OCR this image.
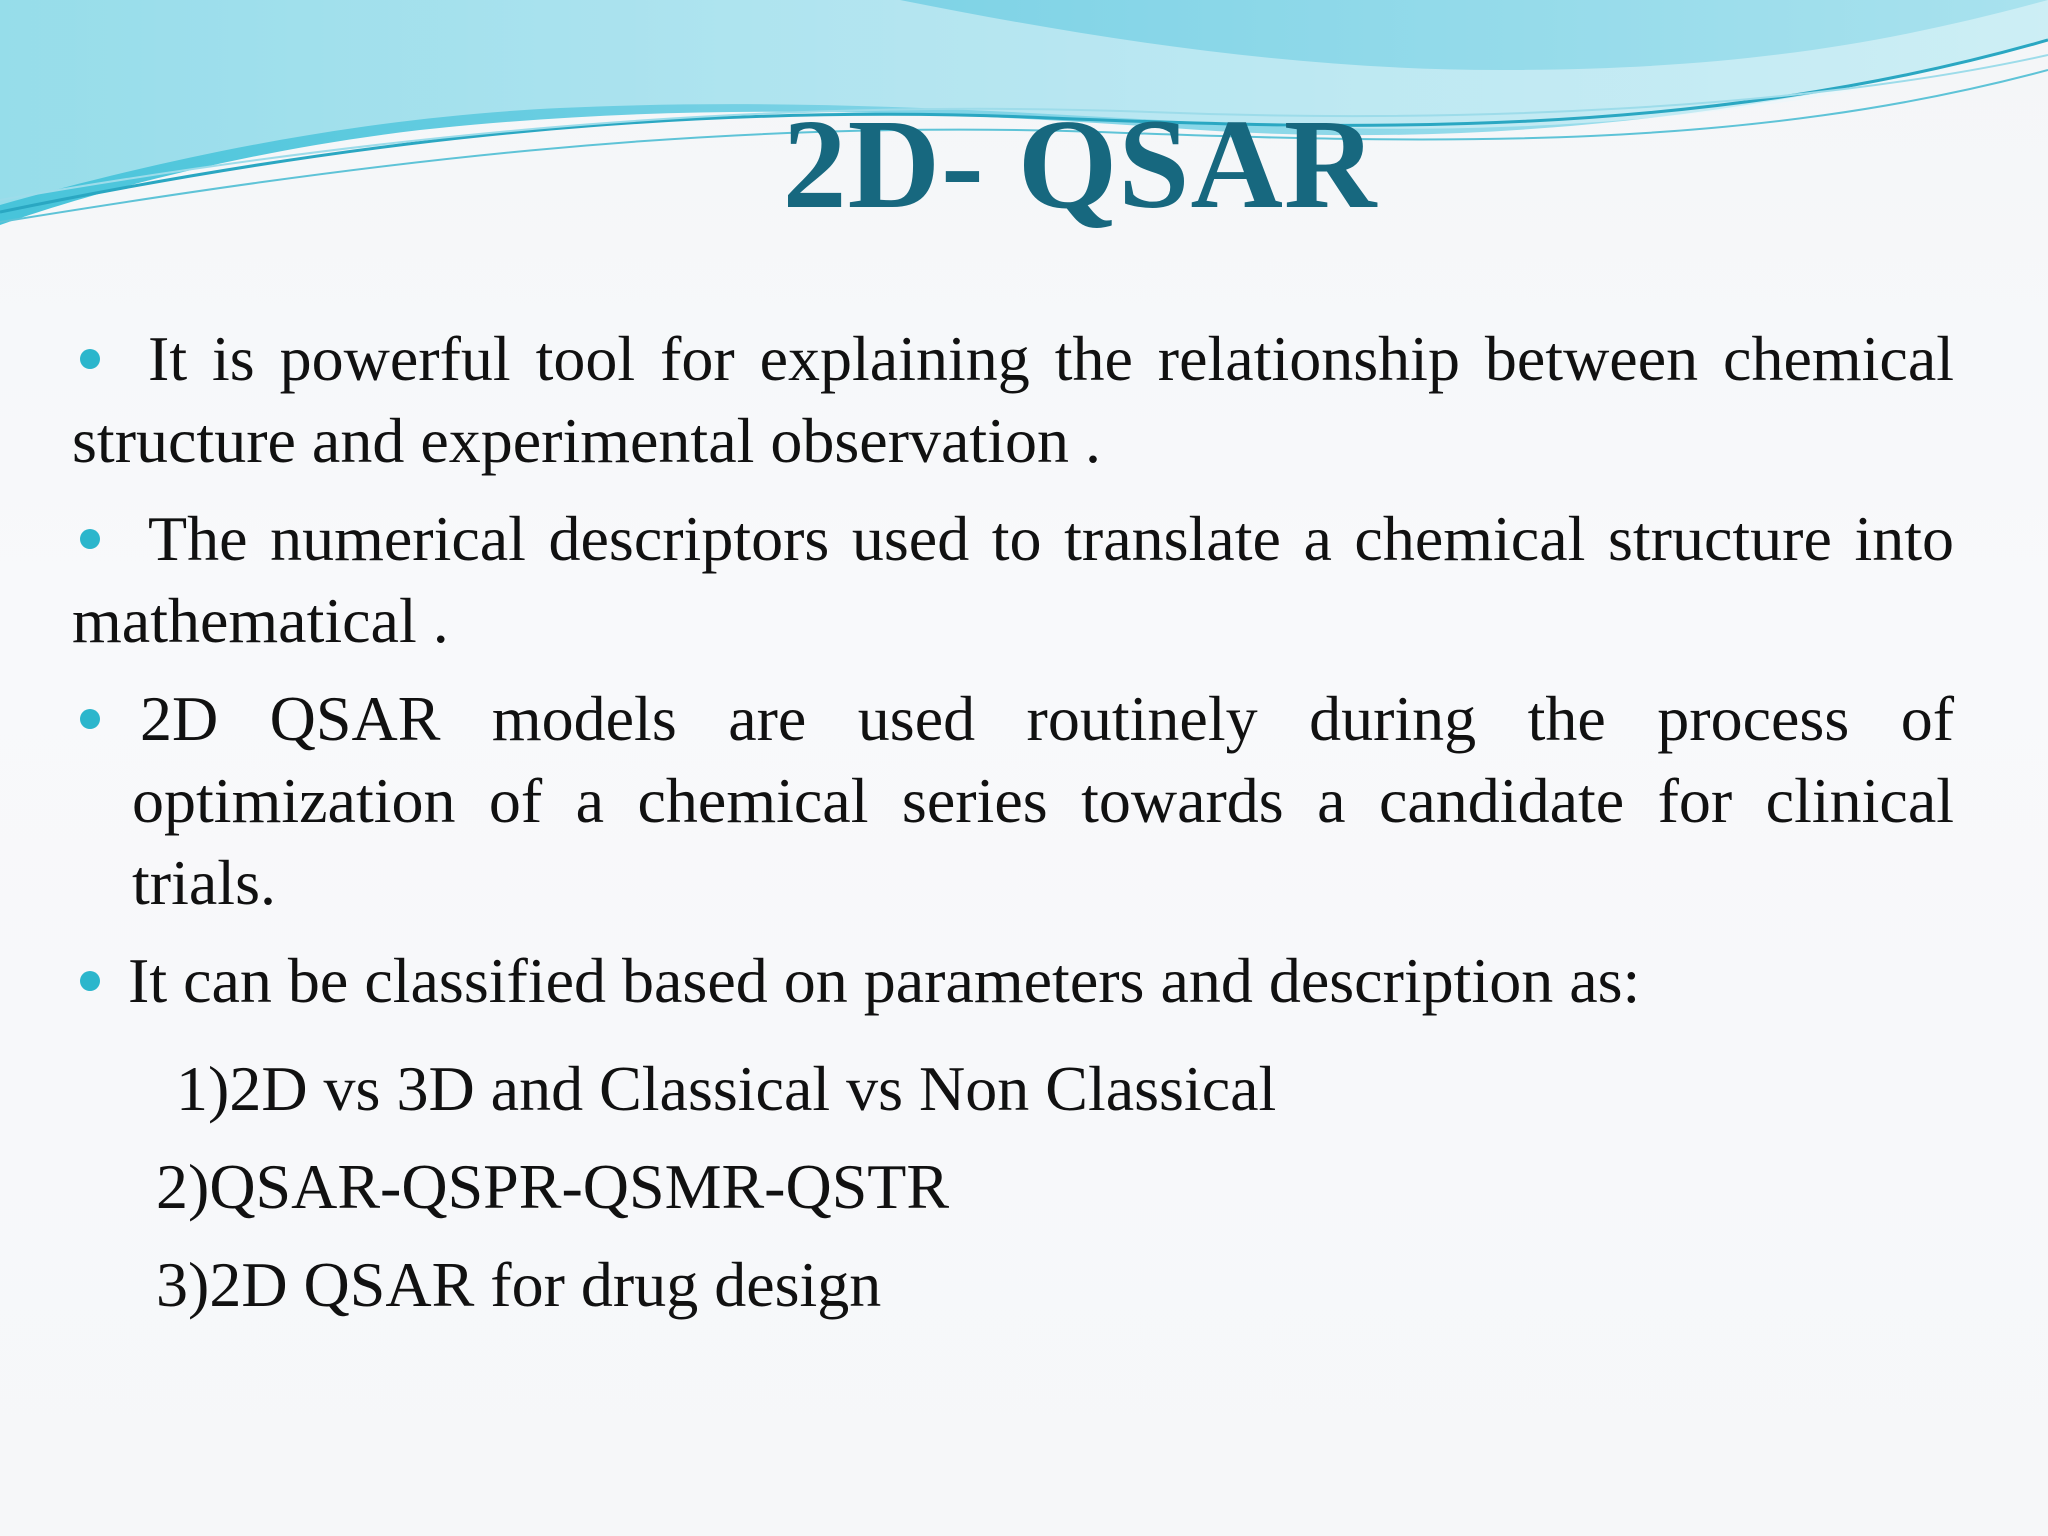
2D- QSAR

It is powerful tool for explaining the relationship between chemical structure and experimental observation .

The numerical descriptors used to translate a chemical structure into mathematical .

2D QSAR models are used routinely during the process of optimization of a chemical series towards a candidate for clinical trials.

It can be classified based on parameters and description as:

1)2D vs 3D and Classical vs Non Classical
2)QSAR-QSPR-QSMR-QSTR
3)2D QSAR for drug design
